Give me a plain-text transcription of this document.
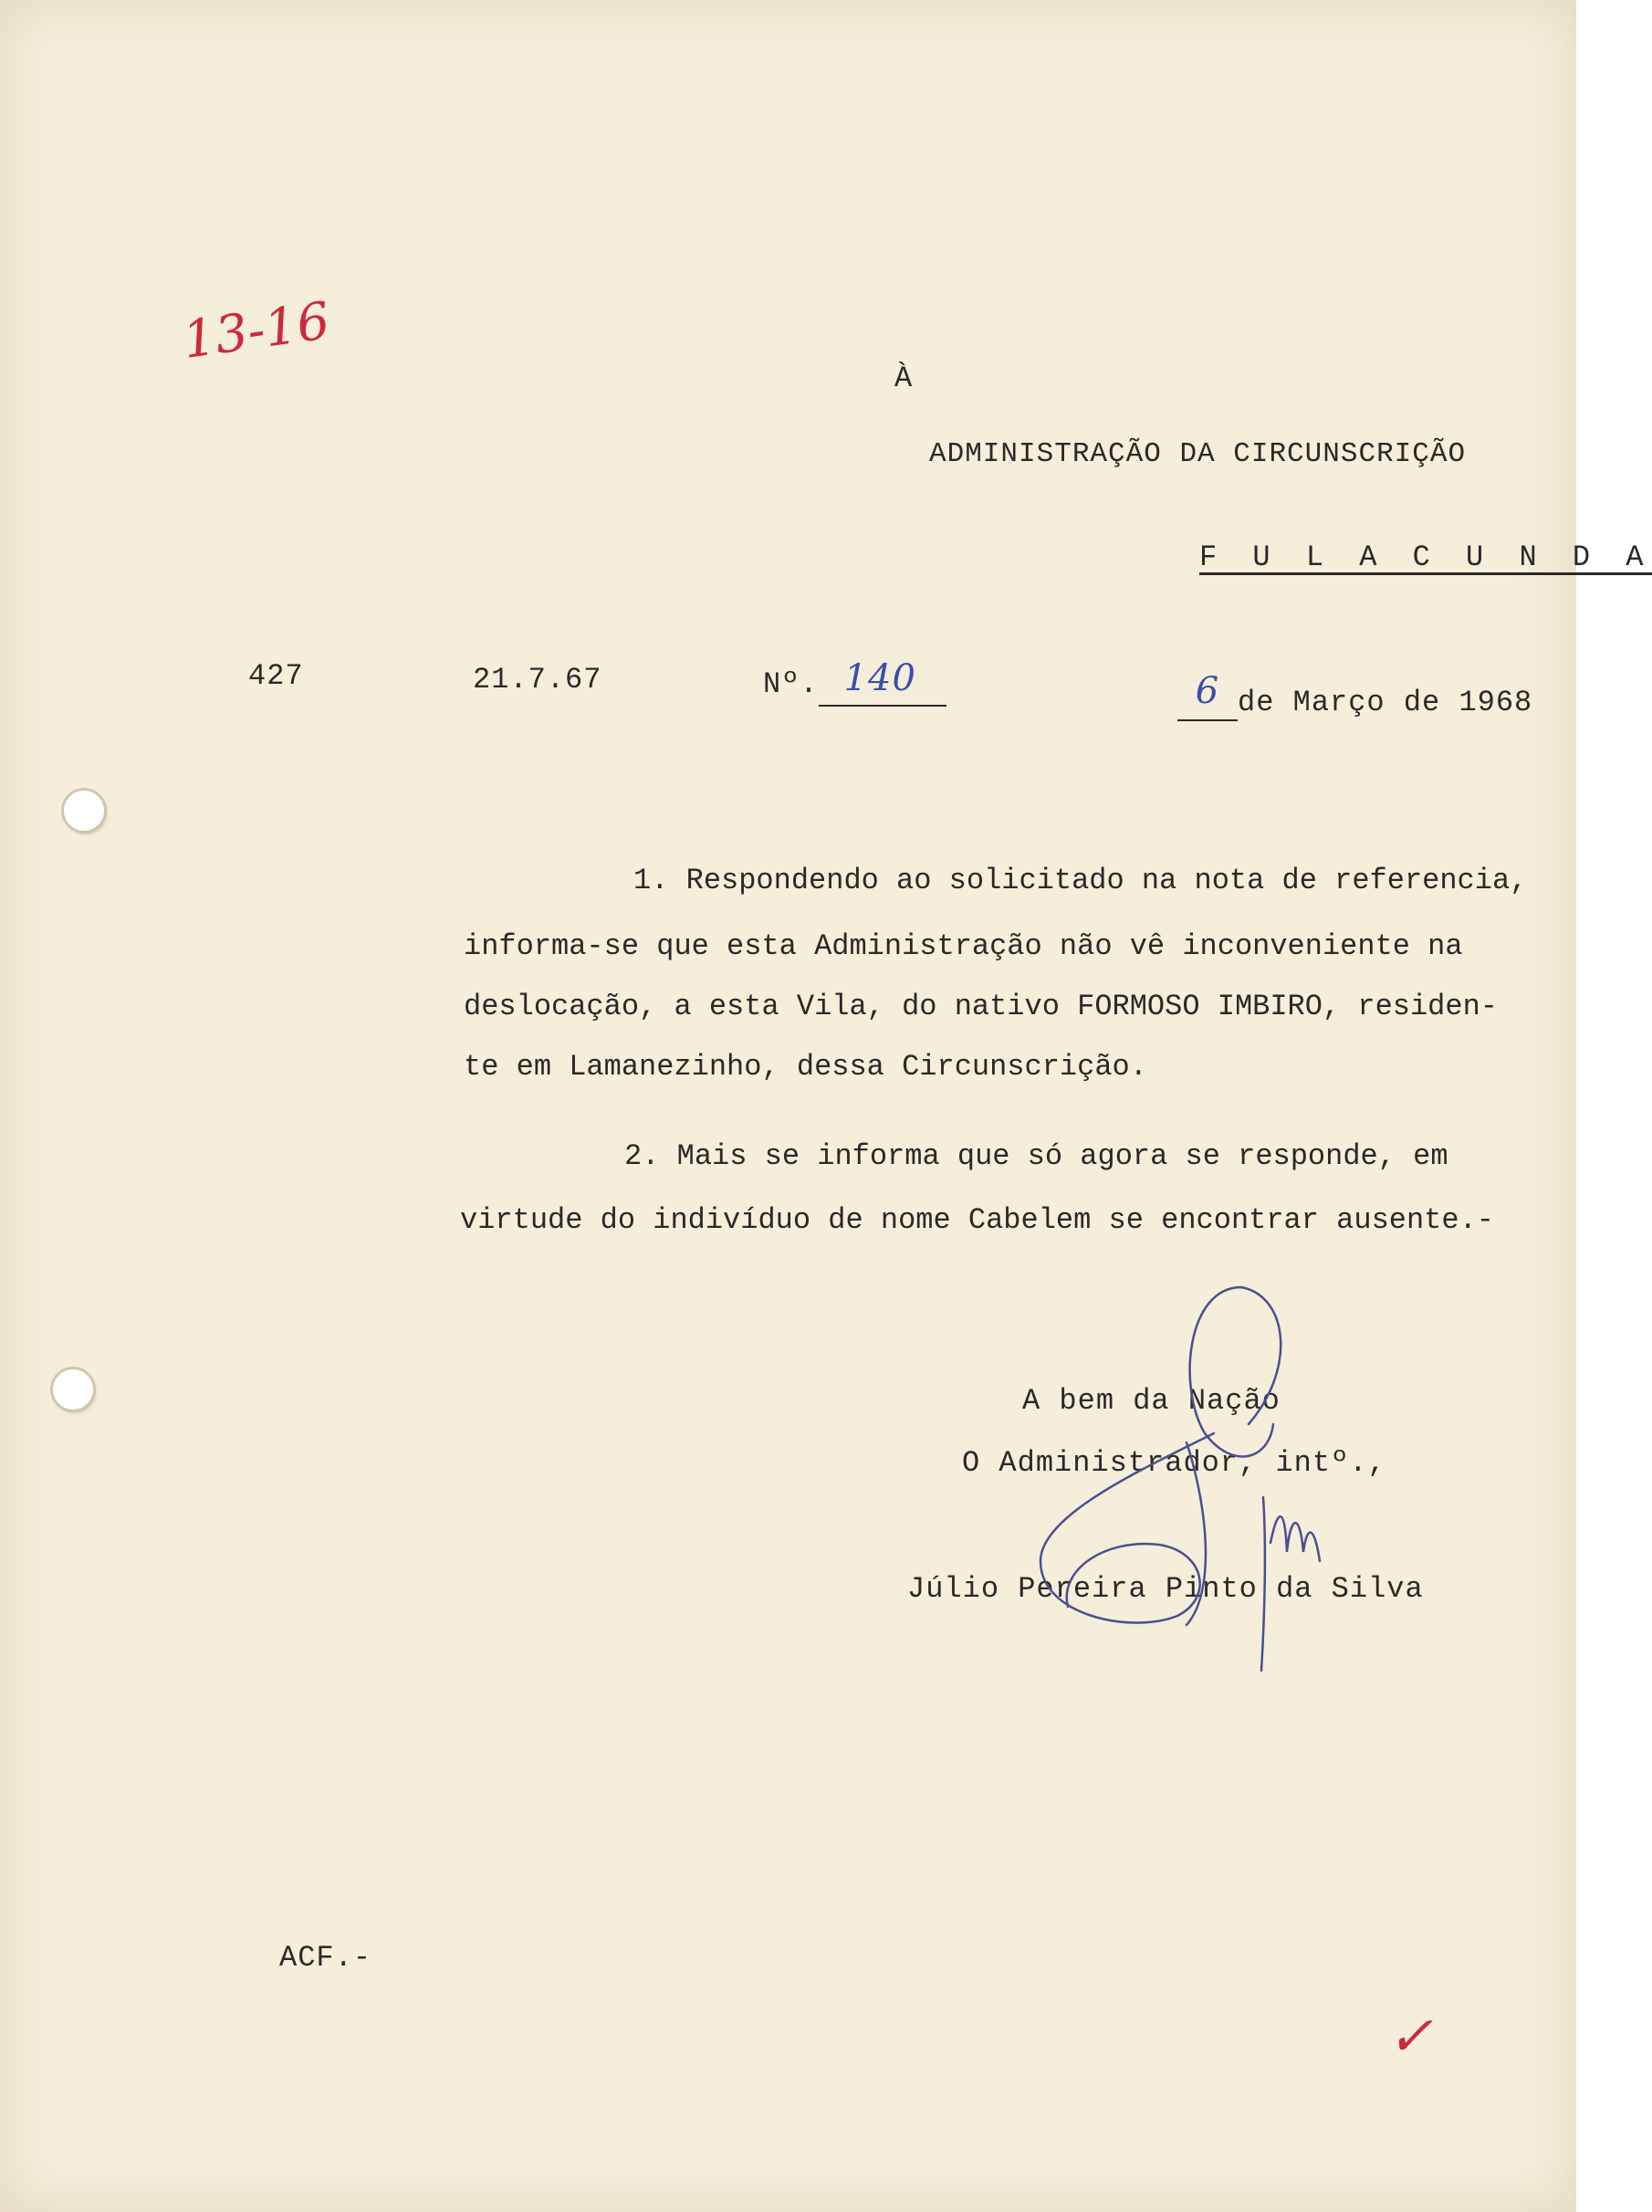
13-16
À
ADMINISTRAÇÃO DA CIRCUNSCRIÇÃO
F U L A C U N D A
427	21.7.67	Nº. 140	6 de Março de 1968
1. Respondendo ao solicitado na nota de referencia,
informa-se que esta Administração não vê inconveniente na
deslocação, a esta Vila, do nativo FORMOSO IMBIRO, residen-
te em Lamanezinho, dessa Circunscrição.
2. Mais se informa que só agora se responde, em
virtude do indivíduo de nome Cabelem se encontrar ausente.-
A bem da Nação
O Administrador, intº.,
Júlio Pereira Pinto da Silva
ACF.-
✓
